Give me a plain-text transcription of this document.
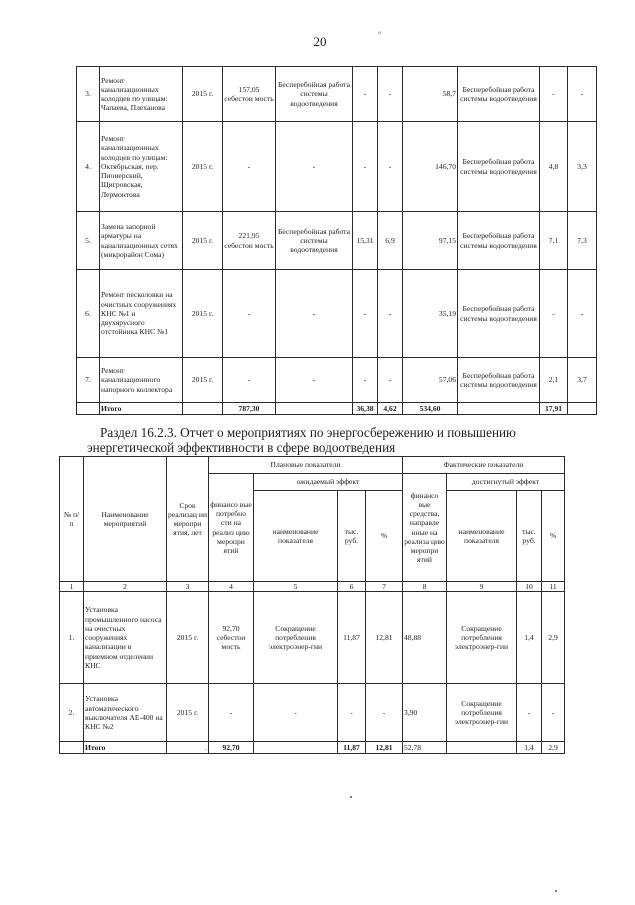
20	°
3.	Ремонт канализационных колодцев по улицам: Чапаева, Плеханова	2015 г.	157,05 себестои мость	Бесперебойная работа системы водоотведения	-	-	58,7	Бесперебойная работа системы водоотведения	-	-
4.	Ремонт канализационных колодцев по улицам: Октябрьская, пер. Пионерский, Щигровская, Лермонтова	2015 г.	-	-	-	-	146,70	Бесперебойная работа системы водоотведения	4,8	3,3
5.	Замена запорной арматуры на канализационных сетях (микрорайон Сома)	2015 г.	221,95 себестои мость	Бесперебойная работа системы водоотведения	15,31	6,9	97,15	Бесперебойная работа системы водоотведения	7,1	7,3
6.	Ремонт песколовки на очистных сооружениях КНС №1 и двухярусного отстойника КНС №1	2015 г.	-	-	-	-	35,19	Бесперебойная работа системы водоотведения	-	-
7.	Ремонт канализационного напорного коллектора	2015 г.	-	-	-	-	57,06	Бесперебойная работа системы водоотведения	2,1	3,7
	Итого		787,30		36,38	4,62	534,60		17,91	
Раздел 16.2.3. Отчет о мероприятиях по энергосбережению и повышению
энергетической эффективности в сфере водоотведения
№ п/ п	Наименование мероприятий	Срок реализац ии меропри ятия, лет	Плановые показатели				Фактические показатели			
			финансо вые потребно сти на реализ цию меропри ятий	ожидаемый эффект			финансо вые средства, направле нные на реализа цию меропри ятий	достигнутый эффект		
				наименование показателя	тыс. руб.	%		наименование показателя	тыс. руб.	%
1	2	3	4	5	6	7	8	9	10	11
1.	Установка промышленного насоса на очистных сооружениях канализации в приемном отделении КНС	2015 г.	92,70 себестои мость	Сокращение потребления электроэнер-гии	11,87	12,81	48,88	Сокращение потребления электроэнер-гии	1,4	2,9
2.	Установка автоматического выключателя АЕ-400 на КНС №2	2015 г.	-	-	-	-	3,90	Сокращение потребления электроэнер-гии	-	-
	Итого	.	92,70		11,87	12,81	52,78		1,4	2,9
